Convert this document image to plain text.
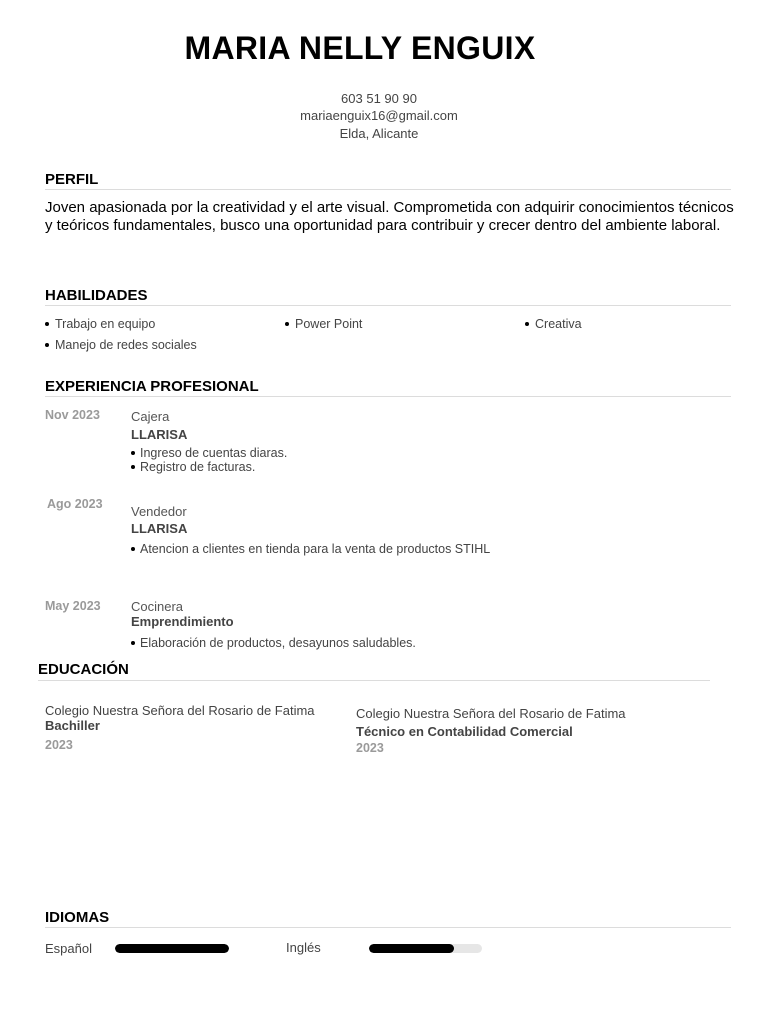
MARIA NELLY ENGUIX
603 51 90 90
mariaenguix16@gmail.com
Elda, Alicante
PERFIL
Joven apasionada por la creatividad y el arte visual. Comprometida con adquirir conocimientos técnicos y teóricos fundamentales, busco una oportunidad para contribuir y crecer dentro del ambiente laboral.
HABILIDADES
Trabajo en equipo	Power Point	Creativa
Manejo de redes sociales
EXPERIENCIA PROFESIONAL
Nov 2023 Cajera
LLARISA
Ingreso de cuentas diaras.
Registro de facturas.
Ago 2023 Vendedor
LLARISA
Atencion a clientes en tienda para la venta de productos STIHL
May 2023 Cocinera
Emprendimiento
Elaboración de productos, desayunos saludables.
EDUCACIÓN
Colegio Nuestra Señora del Rosario de Fatima
Bachiller
2023
Colegio Nuestra Señora del Rosario de Fatima
Técnico en Contabilidad Comercial
2023
IDIOMAS
Español	Inglés
